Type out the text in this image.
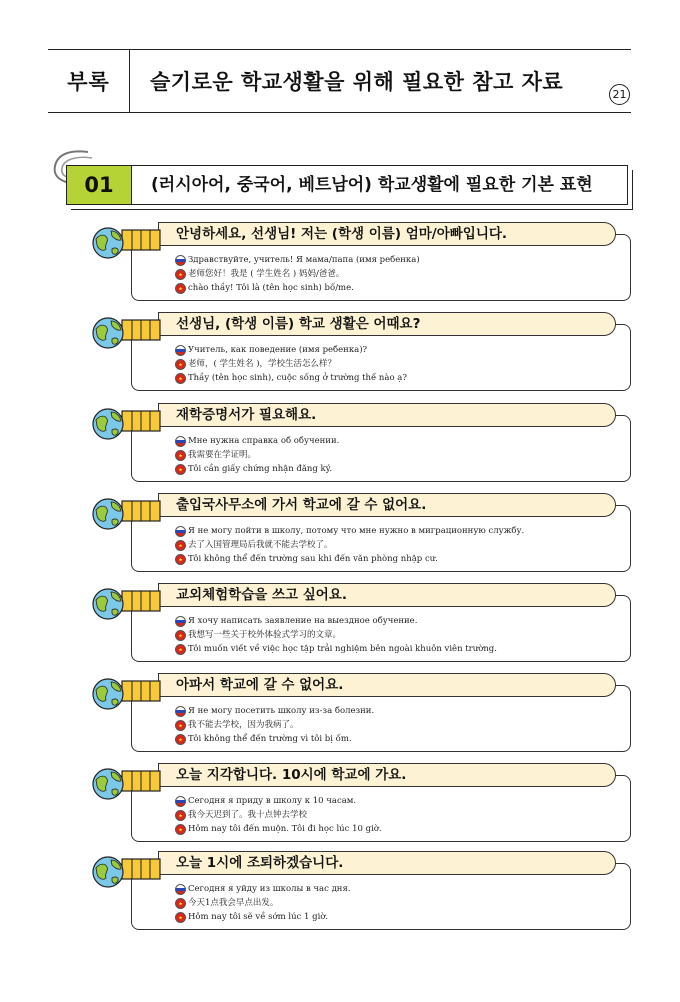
부록	슬기로운 학교생활을 위해 필요한 참고 자료
21
01	(러시아어, 중국어, 베트남어) 학교생활에 필요한 기본 표현
안녕하세요, 선생님! 저는 (학생 이름) 엄마/아빠입니다.
Здравствуйте, учитель! Я мама/папа (имя ребенка)
老师您好！我是 ( 学生姓名 ) 妈妈/爸爸。
chào thầy! Tôi là (tên học sinh) bố/me.
선생님, (학생 이름) 학교 생활은 어때요?
Учитель, как поведение (имя ребенка)?
老师，( 学生姓名 )，学校生活怎么样？
Thầy (tên học sinh), cuộc sống ở trường thế nào ạ?
재학증명서가 필요해요.
Мне нужна справка об обучении.
我需要在学证明。
Tôi cần giấy chứng nhận đăng ký.
출입국사무소에 가서 학교에 갈 수 없어요.
Я не могу пойти в школу, потому что мне нужно в миграционную службу.
去了入国管理局后我就不能去学校了。
Tôi không thể đến trường sau khi đến văn phòng nhập cư.
교외체험학습을 쓰고 싶어요.
Я хочу написать заявление на выездное обучение.
我想写一些关于校外体验式学习的文章。
Tôi muốn viết về việc học tập trải nghiệm bên ngoài khuôn viên trường.
아파서 학교에 갈 수 없어요.
Я не могу посетить школу из-за болезни.
我不能去学校，因为我病了。
Tôi không thể đến trường vì tôi bị ốm.
오늘 지각합니다. 10시에 학교에 가요.
Сегодня я приду в школу к 10 часам.
我今天迟到了。我十点钟去学校
Hôm nay tôi đến muộn. Tôi đi học lúc 10 giờ.
오늘 1시에 조퇴하겠습니다.
Сегодня я уйду из школы в час дня.
今天1点我会早点出发。
Hôm nay tôi sẽ về sớm lúc 1 giờ.
